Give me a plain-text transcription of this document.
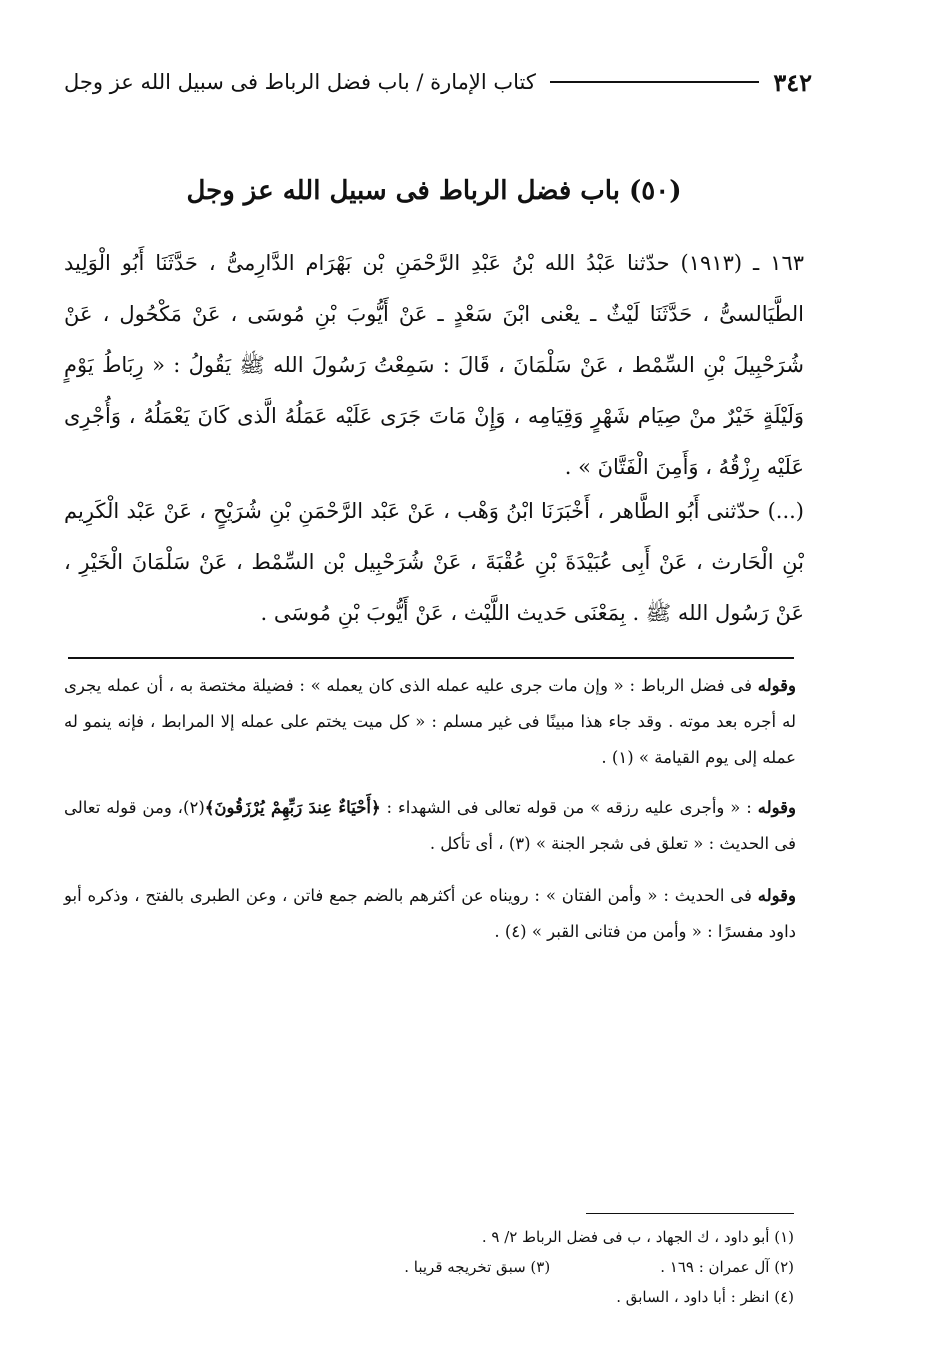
٣٤٢
كتاب الإمارة / باب فضل الرباط فى سبيل الله عز وجل
(٥٠) باب فضل الرباط فى سبيل الله عز وجل
١٦٣ ـ (١٩١٣) حدّثنا عَبْدُ الله بْنُ عَبْدِ الرَّحْمَنِ بْن بَهْرَام الدَّارِمىُّ ، حَدَّثَنَا أَبُو الْوَلِيد الطَّيَالسىُّ ، حَدَّثَنَا لَيْثٌ ـ يعْنى ابْنَ سَعْدٍ ـ عَنْ أَيُّوبَ بْنِ مُوسَى ، عَنْ مَكْحُول ، عَنْ شُرَحْبِيلَ بْنِ السِّمْط ، عَنْ سَلْمَانَ ، قَالَ : سَمِعْتُ رَسُولَ الله ﷺ يَقُولُ : « رِبَاطُ يَوْمٍ وَلَيْلَةٍ خَيْرٌ منْ صِيَام شَهْرٍ وَقِيَامِه ، وَإِنْ مَاتَ جَرَى عَلَيْه عَمَلُهُ الَّذى كَانَ يَعْمَلُهُ ، وَأُجْرِى عَلَيْه رِزْقُهُ ، وَأَمِنَ الْفَتَّانَ » .
(...) حدّثنى أَبُو الطَّاهر ، أَخْبَرَنَا ابْنُ وَهْب ، عَنْ عَبْد الرَّحْمَنِ بْنِ شُرَيْحٍ ، عَنْ عَبْد الْكَرِيم بْنِ الْحَارث ، عَنْ أَبِى عُبَيْدَةَ بْنِ عُقْبَةَ ، عَنْ شُرَحْبِيل بْن السِّمْط ، عَنْ سَلْمَانَ الْخَيْرِ ، عَنْ رَسُول الله ﷺ . بِمَعْنَى حَديث اللَّيْث ، عَنْ أَيُّوبَ بْنِ مُوسَى .
وقوله فى فضل الرباط : « وإن مات جرى عليه عمله الذى كان يعمله » : فضيلة مختصة به ، أن عمله يجرى له أجره بعد موته . وقد جاء هذا مبينًا فى غير مسلم : « كل ميت يختم على عمله إلا المرابط ، فإنه ينمو له عمله إلى يوم القيامة » (١) .
وقوله : « وأجرى عليه رزقه » من قوله تعالى فى الشهداء : ﴿أَحْيَاءٌ عِندَ رَبِّهِمْ يُرْزَقُونَ﴾(٢)، ومن قوله تعالى فى الحديث : « تعلق فى شجر الجنة » (٣) ، أى تأكل .
وقوله فى الحديث : « وأمن الفتان » : رويناه عن أكثرهم بالضم جمع فاتن ، وعن الطبرى بالفتح ، وذكره أبو داود مفسرًا : « وأمن من فتانى القبر » (٤) .
(١) أبو داود ، ك الجهاد ، ب فى فضل الرباط ٢/ ٩ .
(٢) آل عمران : ١٦٩ .
(٣) سبق تخريجه قريبا .
(٤) انظر : أبا داود ، السابق .
